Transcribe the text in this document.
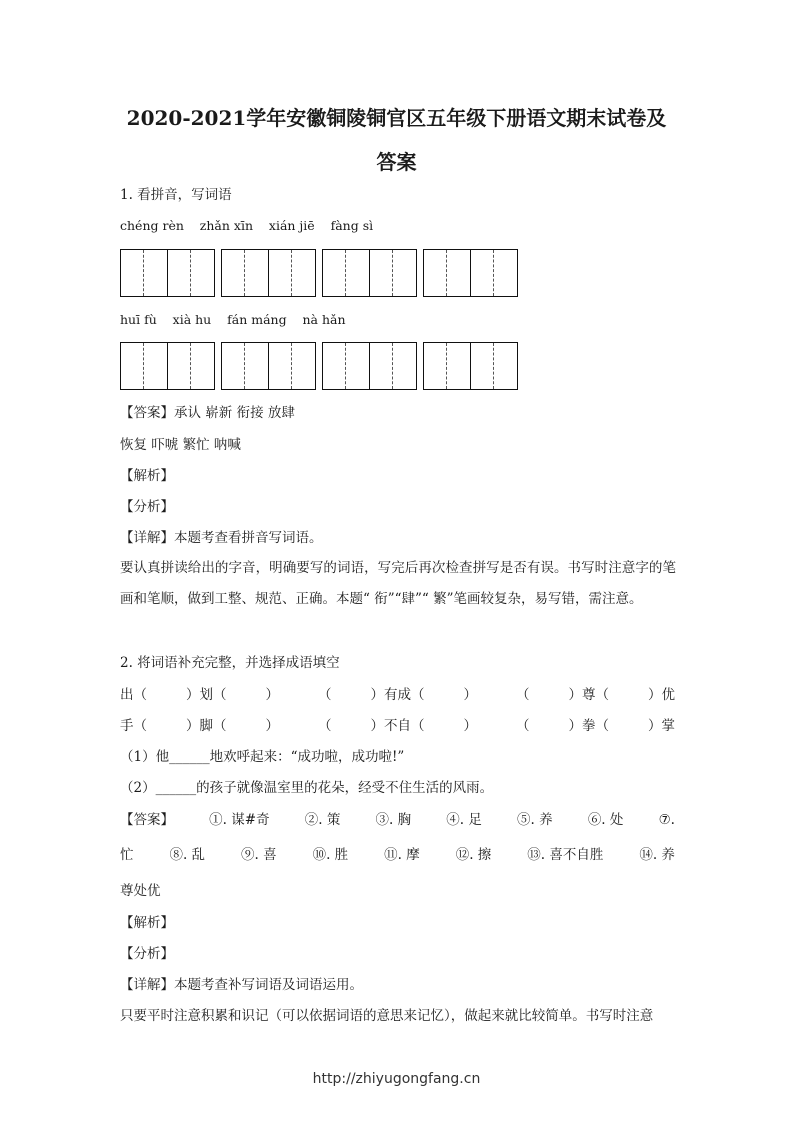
2020-2021学年安徽铜陵铜官区五年级下册语文期末试卷及
答案
1. 看拼音，写词语
chéng rèn    zhǎn xīn    xián jiē    fàng sì
huī fù    xià hu    fán máng    nà hǎn
【答案】承认 崭新 衔接 放肆
恢复 吓唬 繁忙 呐喊
【解析】
【分析】
【详解】本题考查看拼音写词语。
要认真拼读给出的字音，明确要写的词语，写完后再次检查拼写是否有误。书写时注意字的笔画和笔顺，做到工整、规范、正确。本题“ 衔”“肆”“ 繁”笔画较复杂，易写错，需注意。
2. 将词语补充完整，并选择成语填空
出（	）划（	）	（	）有成（	）	（	）尊（	）优
手（	）脚（	）	（	）不自（	）	（	）拳（	）掌
（1）他______地欢呼起来：“成功啦，成功啦!”
（2）______的孩子就像温室里的花朵，经受不住生活的风雨。
【答案】	①. 谋#奇	②. 策	③. 胸	④. 足	⑤. 养	⑥. 处	⑦.
忙	⑧. 乱	⑨. 喜	⑩. 胜	⑪. 摩	⑫. 擦	⑬. 喜不自胜	⑭. 养
尊处优
【解析】
【分析】
【详解】本题考查补写词语及词语运用。
只要平时注意积累和识记（可以依据词语的意思来记忆），做起来就比较简单。书写时注意
http://zhiyugongfang.cn
